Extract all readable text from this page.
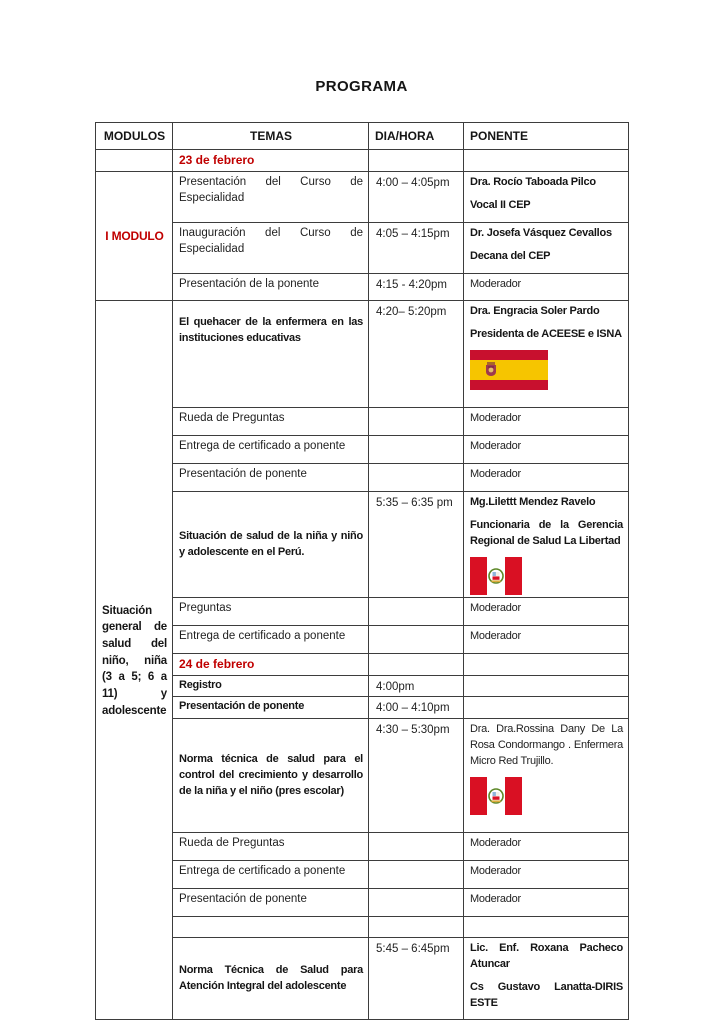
PROGRAMA
MODULOS	TEMAS	DIA/HORA	PONENTE
	23 de febrero		
I MODULO	Presentación del Curso de Especialidad	4:00 – 4:05pm	Dra. Rocío Taboada Pilco

Vocal II CEP

	Inauguración del Curso de Especialidad	4:05 – 4:15pm	Dr. Josefa Vásquez Cevallos

Decana del CEP

	Presentación de la ponente	4:15 - 4:20pm	Moderador

Situación general de salud del niño, niña (3 a 5; 6 a 11) y adolescente	El quehacer de la enfermera en las instituciones educativas	4:20– 5:20pm	Dra. Engracia Soler Pardo

Presidenta de ACEESE e ISNA

	Rueda de Preguntas		Moderador

	Entrega de certificado a ponente		Moderador

	Presentación de ponente		Moderador

	Situación de salud de la niña y niño y adolescente en el Perú.	5:35 – 6:35 pm	Mg.Lilettt Mendez Ravelo

Funcionaria de la Gerencia Regional de Salud La Libertad

	Preguntas		Moderador

	Entrega de certificado a ponente		Moderador

	24 de febrero		
	Registro	4:00pm	
	Presentación de ponente	4:00 – 4:10pm	
	Norma técnica de salud para el control del crecimiento y desarrollo de la niña y el niño (pres escolar)	4:30 – 5:30pm	Dra. Dra.Rossina Dany De La Rosa Condormango . Enfermera Micro Red Trujillo.

	Rueda de Preguntas		Moderador

	Entrega de certificado a ponente		Moderador

	Presentación de ponente		Moderador

	Norma Técnica de Salud para Atención Integral del adolescente	5:45 – 6:45pm	Lic. Enf. Roxana Pacheco Atuncar

Cs Gustavo Lanatta-DIRIS ESTE
